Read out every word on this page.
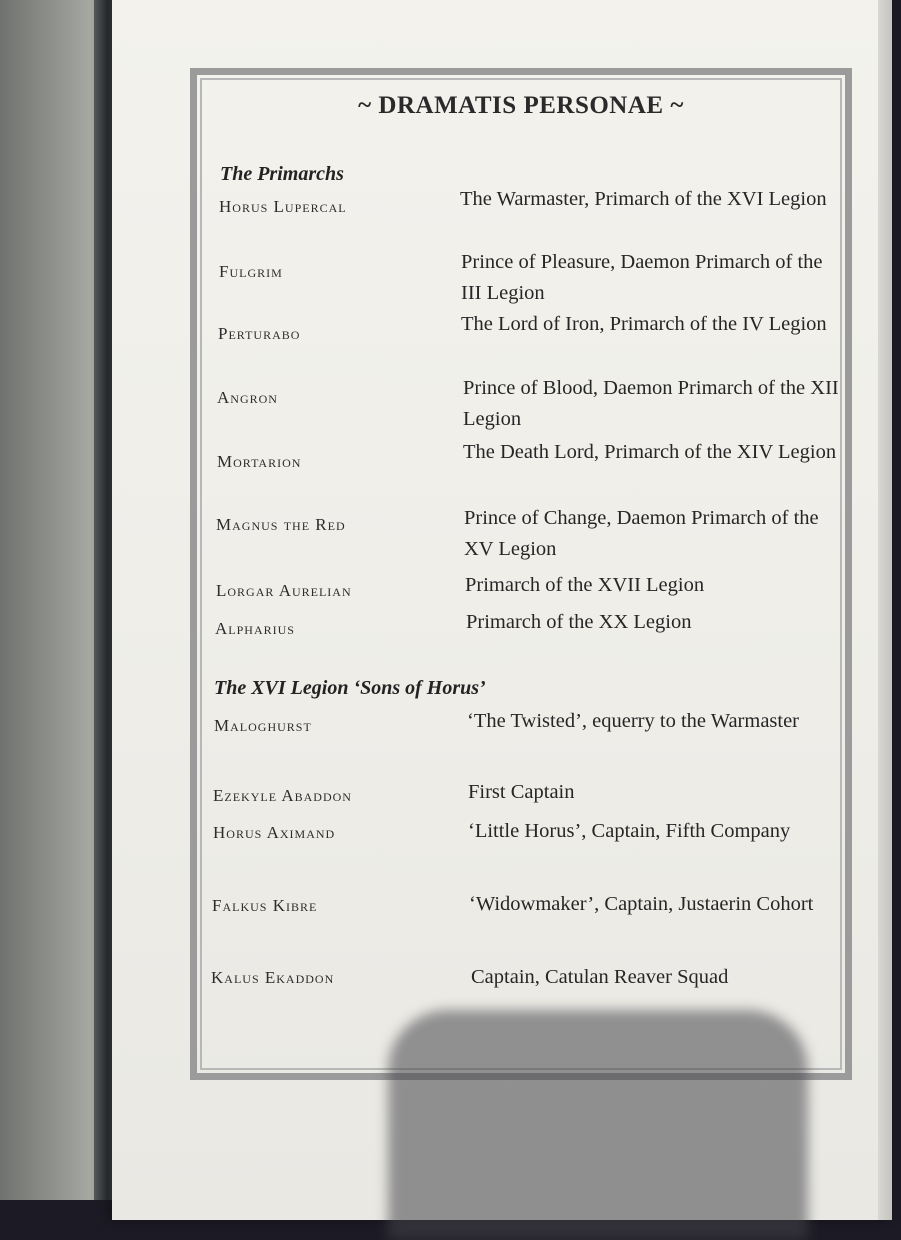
~ DRAMATIS PERSONAE ~
The Primarchs
Horus Lupercal	The Warmaster, Primarch of the XVI Legion
Fulgrim	Prince of Pleasure, Daemon Primarch of the III Legion
Perturabo	The Lord of Iron, Primarch of the IV Legion
Angron	Prince of Blood, Daemon Primarch of the XII Legion
Mortarion	The Death Lord, Primarch of the XIV Legion
Magnus the Red	Prince of Change, Daemon Primarch of the XV Legion
Lorgar Aurelian	Primarch of the XVII Legion
Alpharius	Primarch of the XX Legion
The XVI Legion ‘Sons of Horus’
Maloghurst	‘The Twisted’, equerry to the Warmaster
Ezekyle Abaddon	First Captain
Horus Aximand	‘Little Horus’, Captain, Fifth Company
Falkus Kibre	‘Widowmaker’, Captain, Justaerin Cohort
Kalus Ekaddon	Captain, Catulan Reaver Squad
